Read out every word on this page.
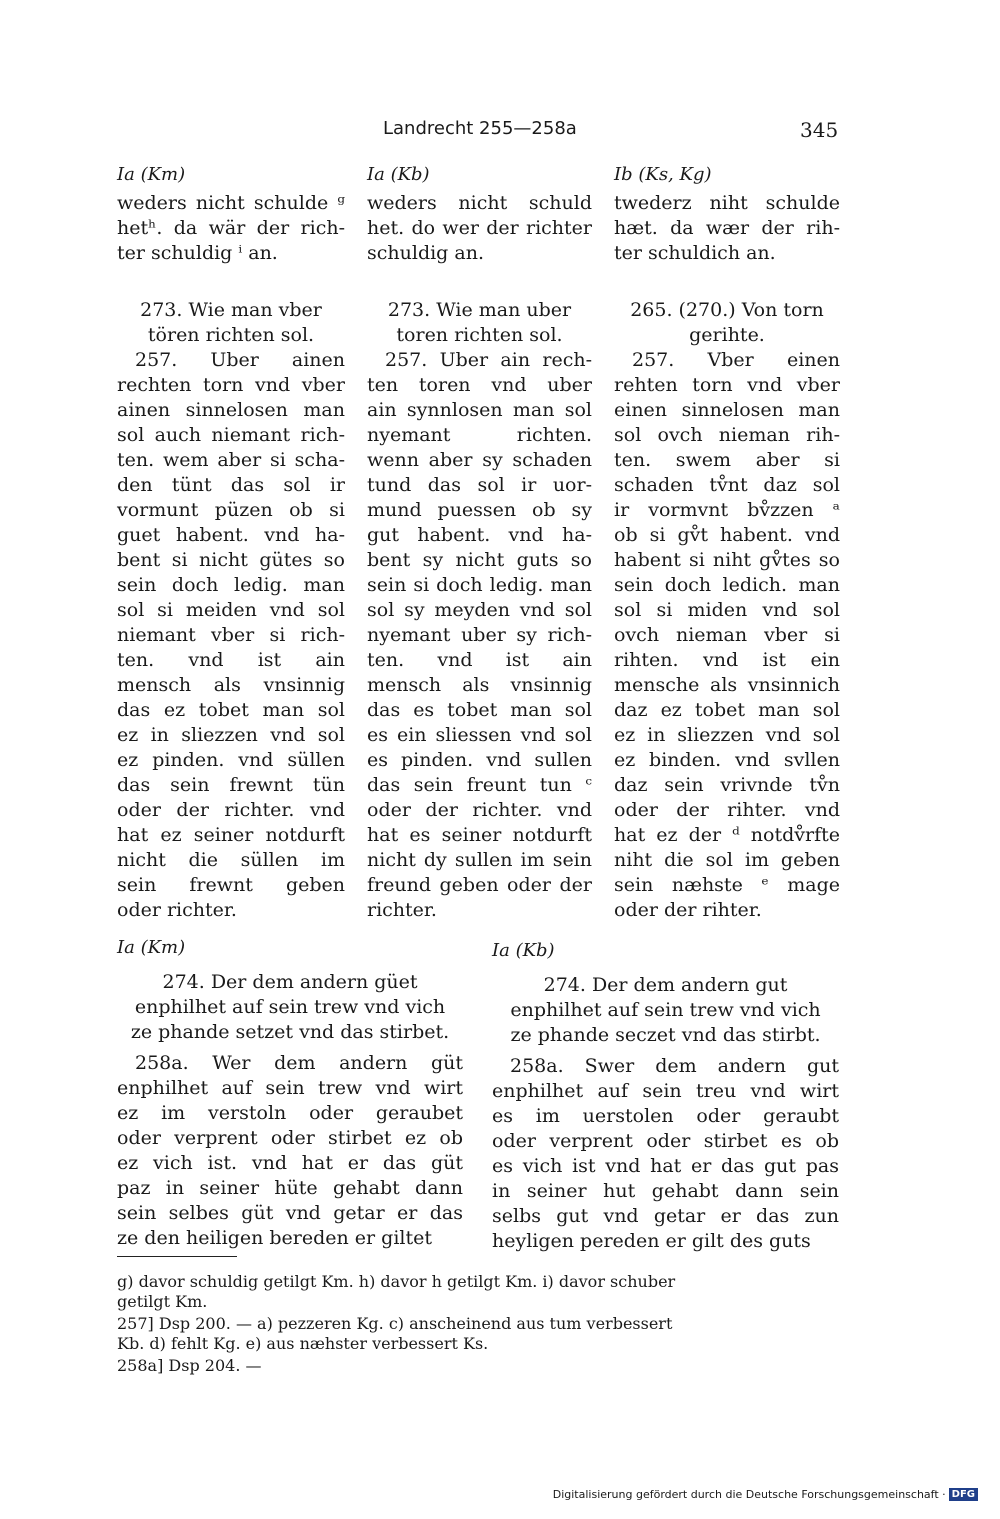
Landrecht 255—258a	345
Ia (Km)
weders nicht schulde ᵍ
hetʰ. da wär der rich-
ter schuldig ⁱ an.
273. Wie man vber
tören richten sol.
257. Uber ainen
rechten torn vnd vber
ainen sinnelosen man
sol auch niemant rich-
ten. wem aber si scha-
den tünt das sol ir
vormunt püzen ob si
guet habent. vnd ha-
bent si nicht gütes so
sein doch ledig. man
sol si meiden vnd sol
niemant vber si rich-
ten. vnd ist ain
mensch als vnsinnig
das ez tobet man sol
ez in sliezzen vnd sol
ez pinden. vnd süllen
das sein frewnt tün
oder der richter. vnd
hat ez seiner notdurft
nicht die süllen im
sein frewnt geben
oder richter.
Ia (Kb)
weders nicht schuld
het. do wer der richter
schuldig an.
273. Wie man uber
toren richten sol.
257. Uber ain rech-
ten toren vnd uber
ain synnlosen man sol
nyemant richten.
wenn aber sy schaden
tund das sol ir uor-
mund puessen ob sy
gut habent. vnd ha-
bent sy nicht guts so
sein si doch ledig. man
sol sy meyden vnd sol
nyemant uber sy rich-
ten. vnd ist ain
mensch als vnsinnig
das es tobet man sol
es ein sliessen vnd sol
es pinden. vnd sullen
das sein freunt tun ᶜ
oder der richter. vnd
hat es seiner notdurft
nicht dy sullen im sein
freund geben oder der
richter.
Ib (Ks, Kg)
twederz niht schulde
hæt. da wær der rih-
ter schuldich an.
265. (270.) Von torn
gerihte.
257. Vber einen
rehten torn vnd vber
einen sinnelosen man
sol ovch nieman rih-
ten. swem aber si
schaden tv̊nt daz sol
ir vormvnt bv̊zzen ᵃ
ob si gv̊t habent. vnd
habent si niht gv̊tes so
sein doch ledich. man
sol si miden vnd sol
ovch nieman vber si
rihten. vnd ist ein
mensche als vnsinnich
daz ez tobet man sol
ez in sliezzen vnd sol
ez binden. vnd svllen
daz sein vrivnde tv̊n
oder der rihter. vnd
hat ez der ᵈ notdv̊rfte
niht die sol im geben
sein næhste ᵉ mage
oder der rihter.
Ia (Km)
274. Der dem andern güet
enphilhet auf sein trew vnd vich
ze phande setzet vnd das stirbet.
258a. Wer dem andern güt
enphilhet auf sein trew vnd wirt
ez im verstoln oder geraubet
oder verprent oder stirbet ez ob
ez vich ist. vnd hat er das güt
paz in seiner hüte gehabt dann
sein selbes güt vnd getar er das
ze den heiligen bereden er giltet
Ia (Kb)
274. Der dem andern gut
enphilhet auf sein trew vnd vich
ze phande seczet vnd das stirbt.
258a. Swer dem andern gut
enphilhet auf sein treu vnd wirt
es im uerstolen oder geraubt
oder verprent oder stirbet es ob
es vich ist vnd hat er das gut pas
in seiner hut gehabt dann sein
selbs gut vnd getar er das zun
heyligen pereden er gilt des guts
g) davor schuldig getilgt Km. h) davor h getilgt Km. i) davor schuber
getilgt Km.
257] Dsp 200. — a) pezzeren Kg. c) anscheinend aus tum verbessert
Kb. d) fehlt Kg. e) aus næhster verbessert Ks.
258a] Dsp 204. —
Digitalisierung gefördert durch die Deutsche Forschungsgemeinschaft · DFG
